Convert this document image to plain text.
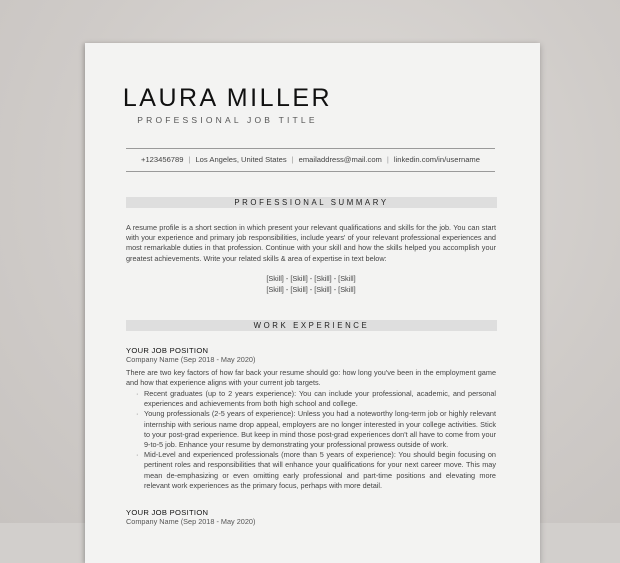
LAURA MILLER
PROFESSIONAL JOB TITLE
+123456789 | Los Angeles, United States | emailaddress@mail.com | linkedin.com/in/username
PROFESSIONAL SUMMARY
A resume profile is a short section in which present your relevant qualifications and skills for the job. You can start with your experience and primary job responsibilities, include years' of your relevant professional experiences and most remarkable duties in that profession. Continue with your skill and how the skills helped you accomplish your greatest achievements. Write your related skills & area of expertise in text below:
[Skill] - [Skill] - [Skill] - [Skill]
[Skill] - [Skill] - [Skill] - [Skill]
WORK EXPERIENCE
YOUR JOB POSITION
Company Name (Sep 2018 - May 2020)
There are two key factors of how far back your resume should go: how long you've been in the employment game and how that experience aligns with your current job targets.
· Recent graduates (up to 2 years experience): You can include your professional, academic, and personal experiences and achievements from both high school and college.
· Young professionals (2-5 years of experience): Unless you had a noteworthy long-term job or highly relevant internship with serious name drop appeal, employers are no longer interested in your college activities. Stick to your post-grad experience. But keep in mind those post-grad experiences don't all have to come from your 9-to-5 job. Enhance your resume by demonstrating your professional prowess outside of work.
· Mid-Level and experienced professionals (more than 5 years of experience): You should begin focusing on pertinent roles and responsibilities that will enhance your qualifications for your next career move. This may mean de-emphasizing or even omitting early professional and part-time positions and elevating more relevant work experiences as the primary focus, perhaps with more detail.
YOUR JOB POSITION
Company Name (Sep 2018 - May 2020)
